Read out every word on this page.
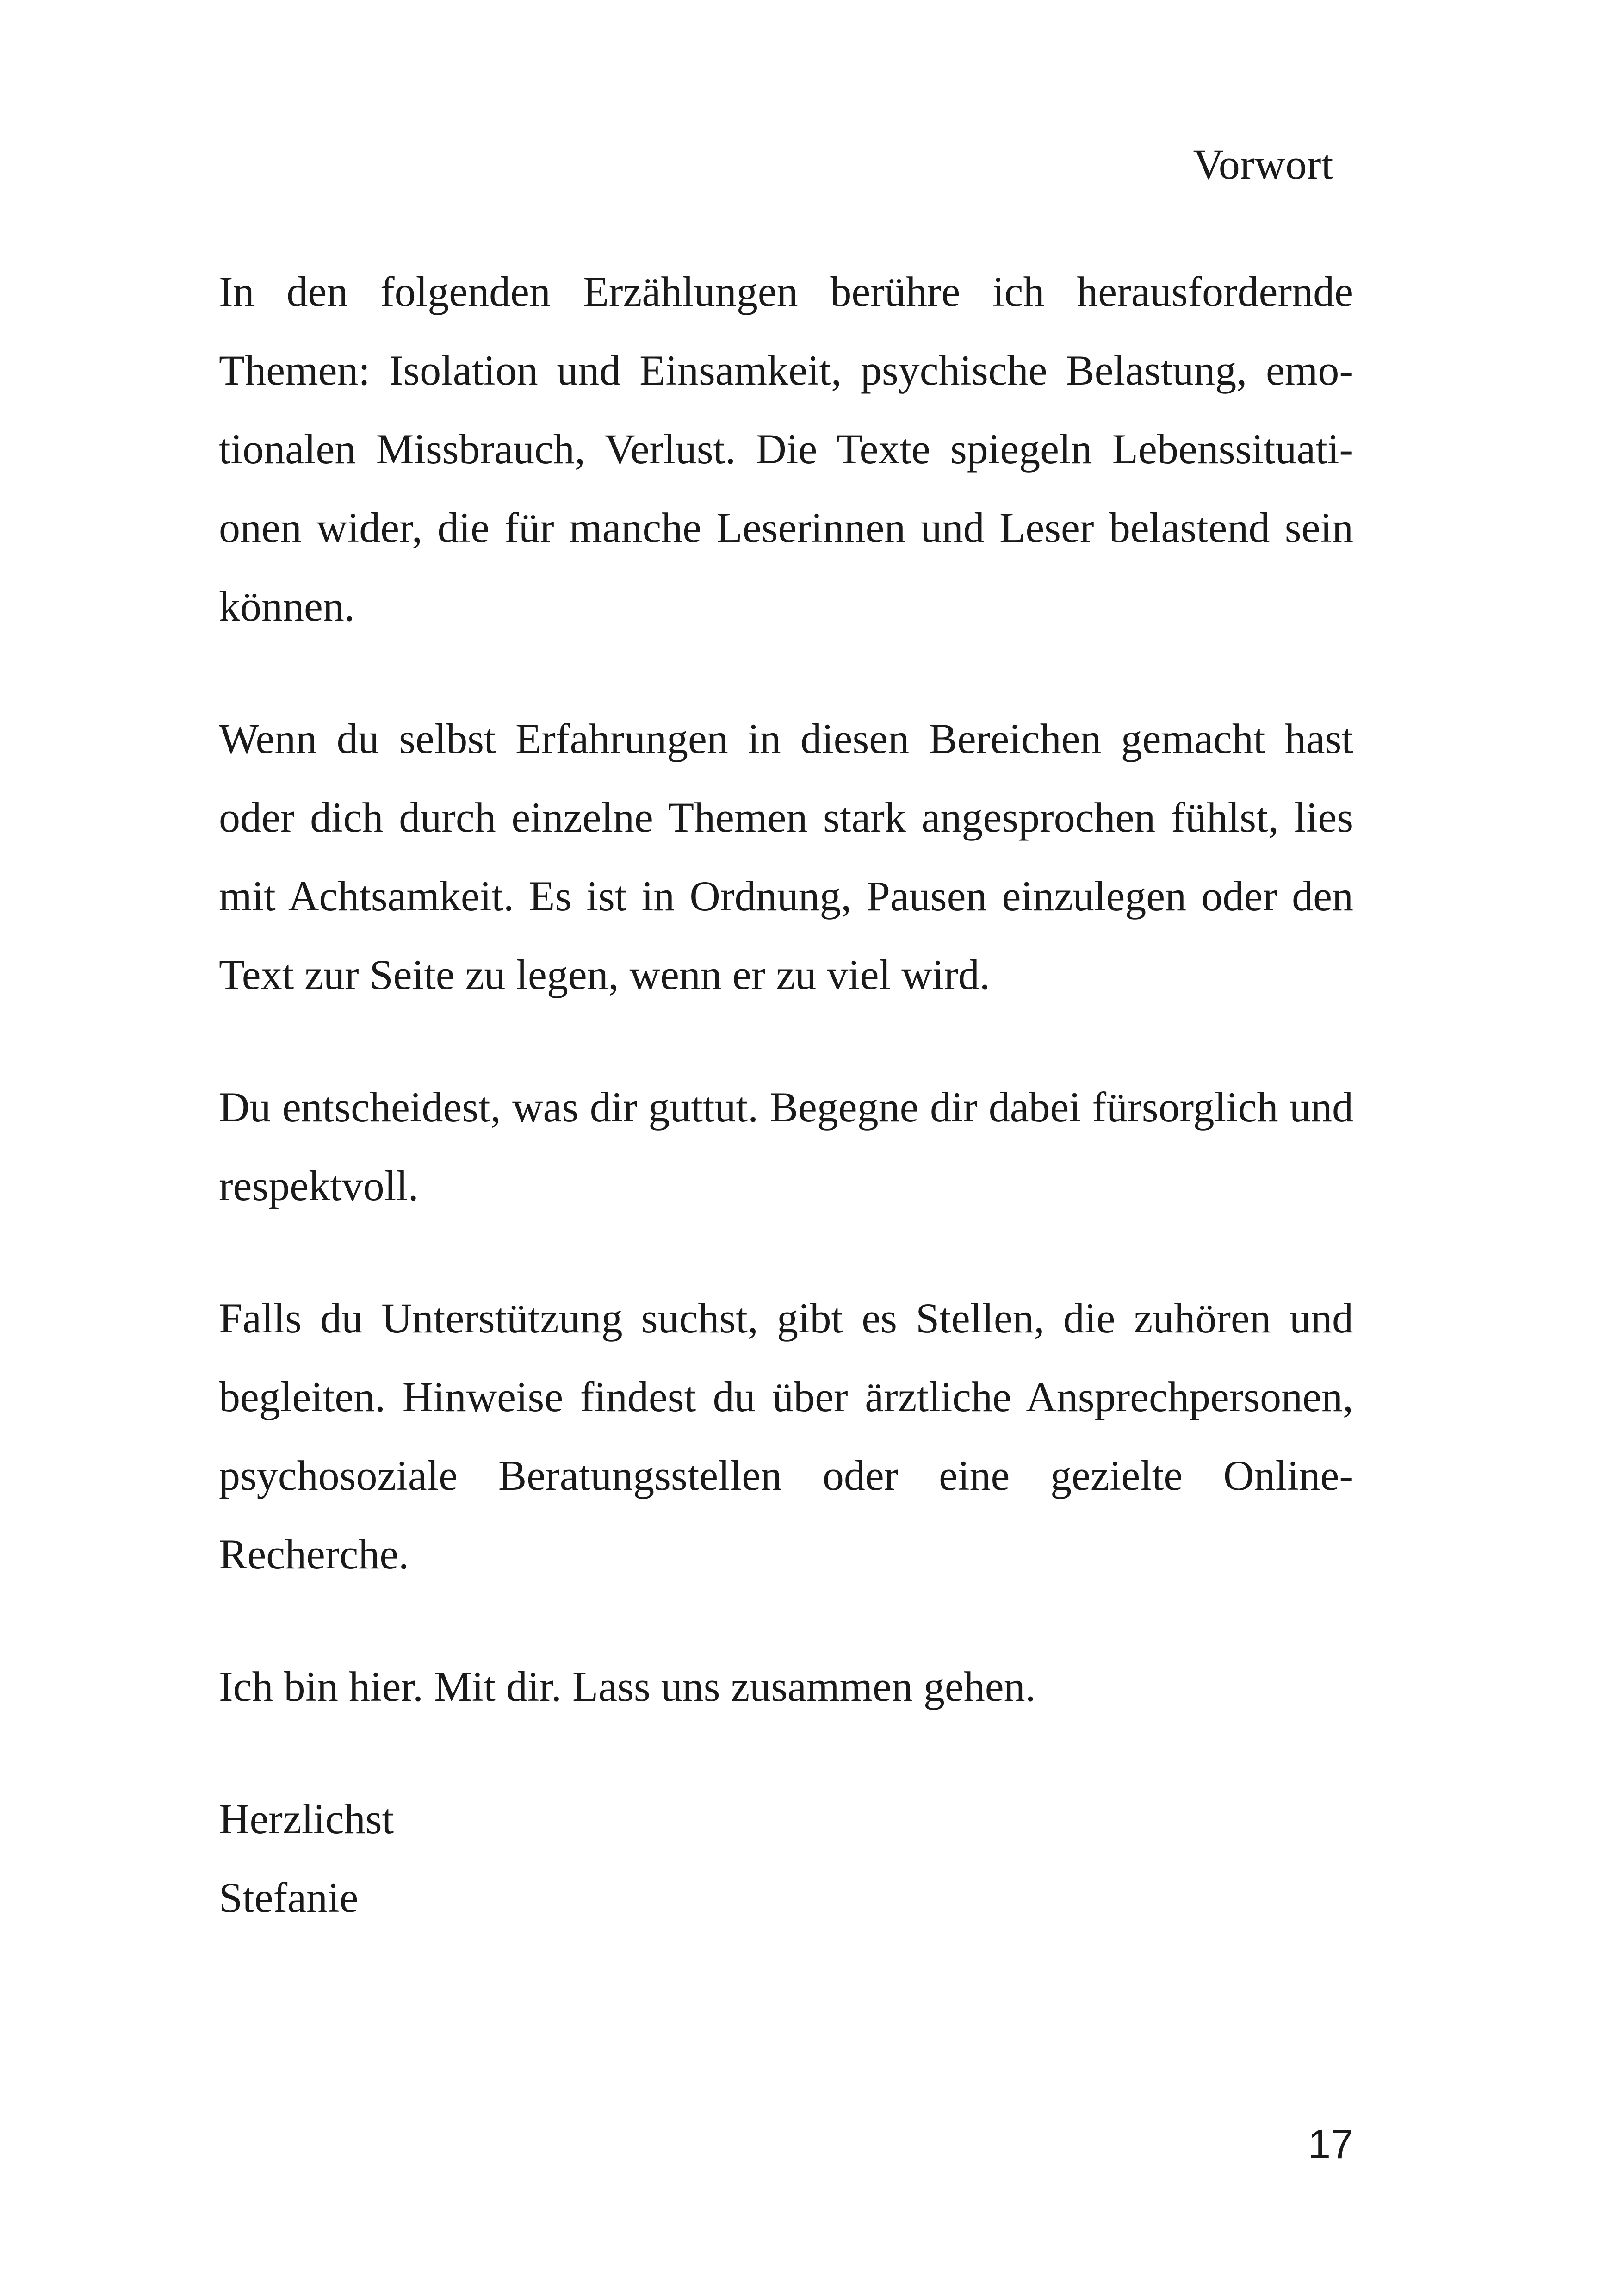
Vorwort

In den folgenden Erzählungen berühre ich herausfordernde Themen: Isolation und Einsamkeit, psychische Belastung, emotionalen Missbrauch, Verlust. Die Texte spiegeln Lebenssituationen wider, die für manche Leserinnen und Leser belastend sein können.

Wenn du selbst Erfahrungen in diesen Bereichen gemacht hast oder dich durch einzelne Themen stark angesprochen fühlst, lies mit Achtsamkeit. Es ist in Ordnung, Pausen einzulegen oder den Text zur Seite zu legen, wenn er zu viel wird.

Du entscheidest, was dir guttut. Begegne dir dabei fürsorglich und respektvoll.

Falls du Unterstützung suchst, gibt es Stellen, die zuhören und begleiten. Hinweise findest du über ärztliche Ansprechpersonen, psychosoziale Beratungsstellen oder eine gezielte Online-Recherche.

Ich bin hier. Mit dir. Lass uns zusammen gehen.

Herzlichst
Stefanie

17
